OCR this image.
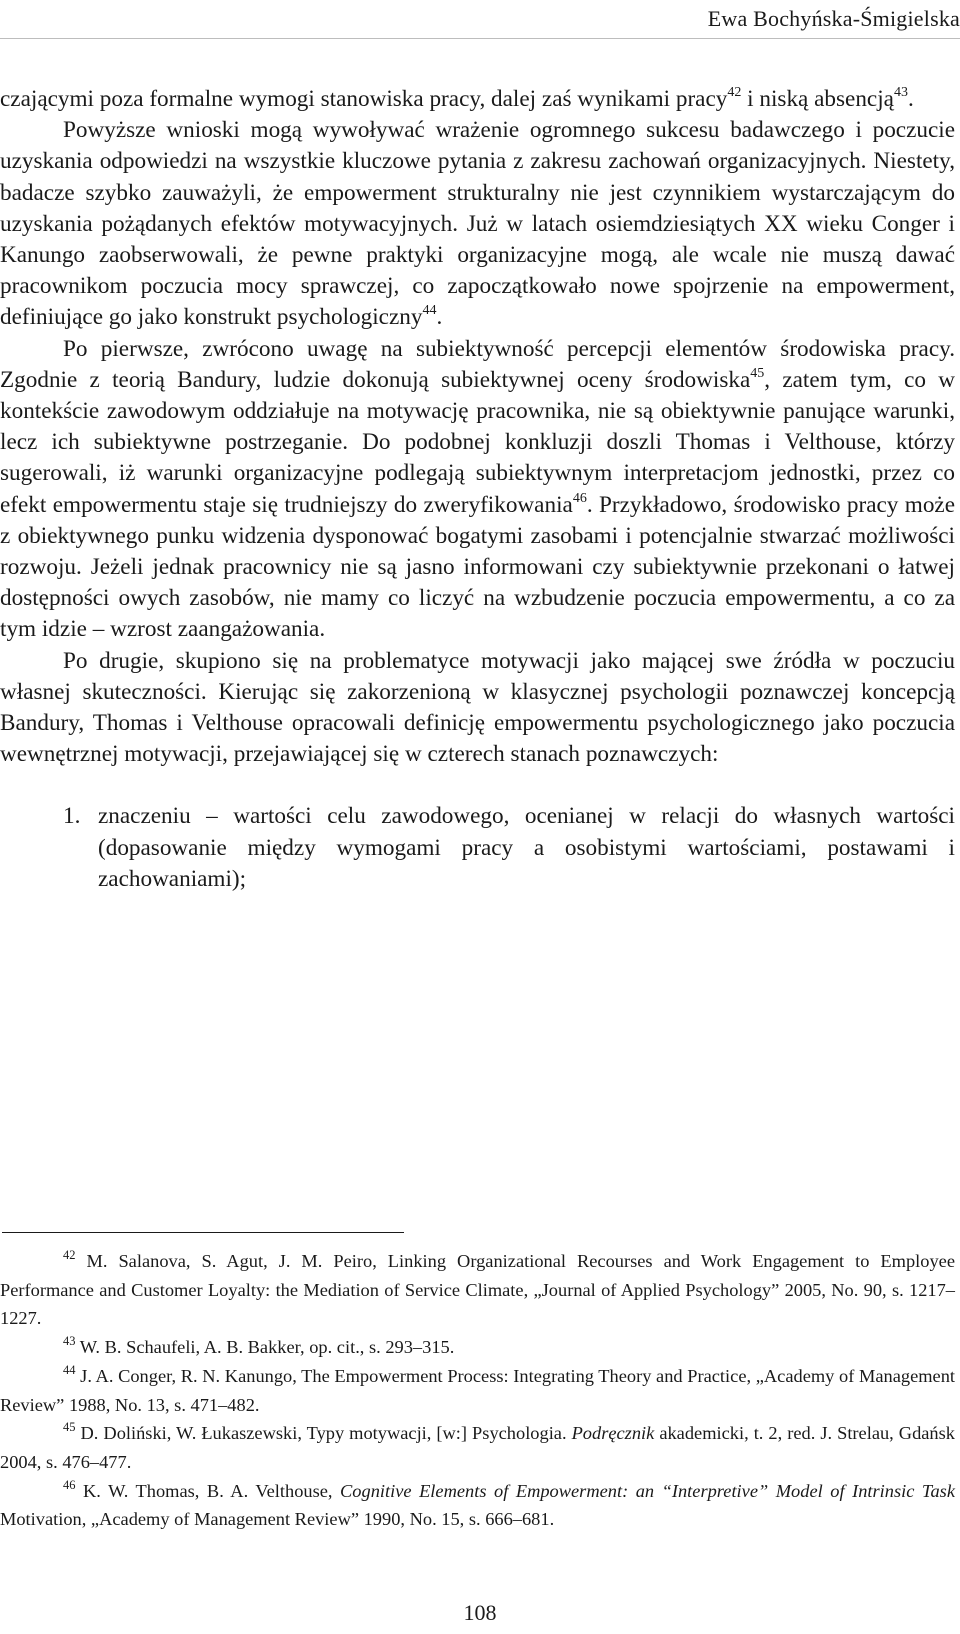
Ewa Bochyńska-Śmigielska

czającymi poza formalne wymogi stanowiska pracy, dalej zaś wynikami pracy$^{42}$ i niską absencją$^{43}$.

Powyższe wnioski mogą wywoływać wrażenie ogromnego sukcesu badawczego i poczucie uzyskania odpowiedzi na wszystkie kluczowe pytania z zakresu zachowań organizacyjnych. Niestety, badacze szybko zauważyli, że empowerment strukturalny nie jest czynnikiem wystarczającym do uzyskania pożądanych efektów motywacyjnych. Już w latach osiemdziesiątych XX wieku Conger i Kanungo zaobserwowali, że pewne praktyki organizacyjne mogą, ale wcale nie muszą dawać pracownikom poczucia mocy sprawczej, co zapoczątkowało nowe spojrzenie na empowerment, definiujące go jako konstrukt psychologiczny$^{44}$.

Po pierwsze, zwrócono uwagę na subiektywność percepcji elementów środowiska pracy. Zgodnie z teorią Bandury, ludzie dokonują subiektywnej oceny środowiska$^{45}$, zatem tym, co w kontekście zawodowym oddziałuje na motywację pracownika, nie są obiektywnie panujące warunki, lecz ich subiektywne postrzeganie. Do podobnej konkluzji doszli Thomas i Velthouse, którzy sugerowali, iż warunki organizacyjne podlegają subiektywnym interpretacjom jednostki, przez co efekt empowermentu staje się trudniejszy do zweryfikowania$^{46}$. Przykładowo, środowisko pracy może z obiektywnego punku widzenia dysponować bogatymi zasobami i potencjalnie stwarzać możliwości rozwoju. Jeżeli jednak pracownicy nie są jasno informowani czy subiektywnie przekonani o łatwej dostępności owych zasobów, nie mamy co liczyć na wzbudzenie poczucia empowermentu, a co za tym idzie – wzrost zaangażowania.

Po drugie, skupiono się na problematyce motywacji jako mającej swe źródła w poczuciu własnej skuteczności. Kierując się zakorzenioną w klasycznej psychologii poznawczej koncepcją Bandury, Thomas i Velthouse opracowali definicję empowermentu psychologicznego jako poczucia wewnętrznej motywacji, przejawiającej się w czterech stanach poznawczych:

1. znaczeniu – wartości celu zawodowego, ocenianej w relacji do własnych wartości (dopasowanie między wymogami pracy a osobistymi wartościami, postawami i zachowaniami);

$^{42}$ M. Salanova, S. Agut, J. M. Peiro, Linking Organizational Recourses and Work Engagement to Employee Performance and Customer Loyalty: the Mediation of Service Climate, „Journal of Applied Psychology” 2005, No. 90, s. 1217–1227.

$^{43}$ W. B. Schaufeli, A. B. Bakker, op. cit., s. 293–315.

$^{44}$ J. A. Conger, R. N. Kanungo, The Empowerment Process: Integrating Theory and Practice, „Academy of Management Review” 1988, No. 13, s. 471–482.

$^{45}$ D. Doliński, W. Łukaszewski, Typy motywacji, [w:] Psychologia. Podręcznik akademicki, t. 2, red. J. Strelau, Gdańsk 2004, s. 476–477.

$^{46}$ K. W. Thomas, B. A. Velthouse, Cognitive Elements of Empowerment: an “Interpretive” Model of Intrinsic Task Motivation, „Academy of Management Review” 1990, No. 15, s. 666–681.

108
